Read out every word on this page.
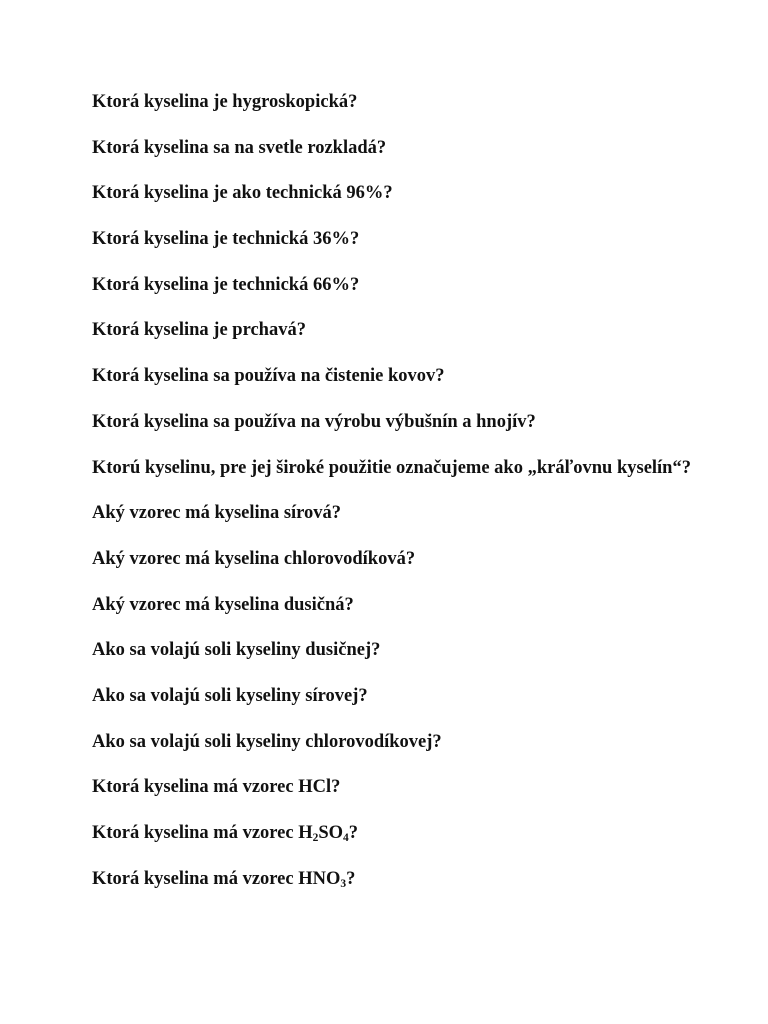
Ktorá kyselina je hygroskopická?

Ktorá kyselina sa na svetle rozkladá?

Ktorá kyselina je ako technická 96%?

Ktorá kyselina je technická 36%?

Ktorá kyselina je technická 66%?

Ktorá kyselina je prchavá?

Ktorá kyselina sa používa na čistenie kovov?

Ktorá kyselina sa používa na výrobu výbušnín a hnojív?

Ktorú kyselinu, pre jej široké použitie označujeme ako „kráľovnu kyselín“?

Aký vzorec má kyselina sírová?

Aký vzorec má kyselina chlorovodíková?

Aký vzorec má kyselina dusičná?

Ako sa volajú soli kyseliny dusičnej?

Ako sa volajú soli kyseliny sírovej?

Ako sa volajú soli kyseliny chlorovodíkovej?

Ktorá kyselina má vzorec HCl?

Ktorá kyselina má vzorec $H_2SO_4$?

Ktorá kyselina má vzorec $HNO_3$?
